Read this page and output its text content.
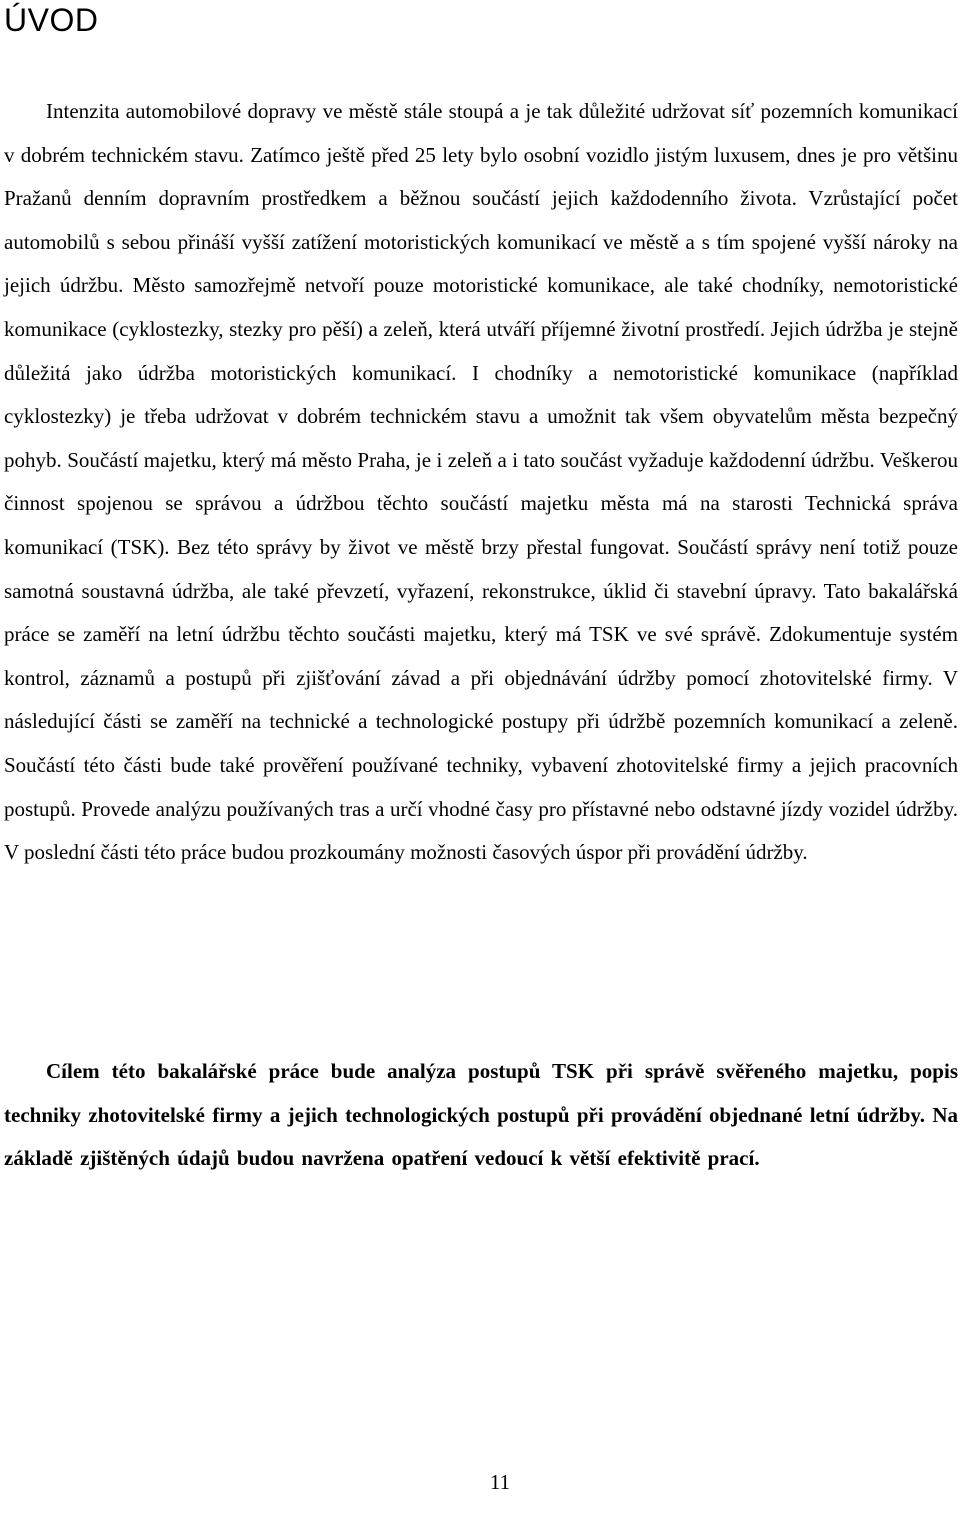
ÚVOD

Intenzita automobilové dopravy ve městě stále stoupá a je tak důležité udržovat síť pozemních komunikací v dobrém technickém stavu. Zatímco ještě před 25 lety bylo osobní vozidlo jistým luxusem, dnes je pro většinu Pražanů denním dopravním prostředkem a běžnou součástí jejich každodenního života. Vzrůstající počet automobilů s sebou přináší vyšší zatížení motoristických komunikací ve městě a s tím spojené vyšší nároky na jejich údržbu. Město samozřejmě netvoří pouze motoristické komunikace, ale také chodníky, nemotoristické komunikace (cyklostezky, stezky pro pěší) a zeleň, která utváří příjemné životní prostředí. Jejich údržba je stejně důležitá jako údržba motoristických komunikací. I chodníky a nemotoristické komunikace (například cyklostezky) je třeba udržovat v dobrém technickém stavu a umožnit tak všem obyvatelům města bezpečný pohyb. Součástí majetku, který má město Praha, je i zeleň a i tato součást vyžaduje každodenní údržbu. Veškerou činnost spojenou se správou a údržbou těchto součástí majetku města má na starosti Technická správa komunikací (TSK). Bez této správy by život ve městě brzy přestal fungovat. Součástí správy není totiž pouze samotná soustavná údržba, ale také převzetí, vyřazení, rekonstrukce, úklid či stavební úpravy. Tato bakalářská práce se zaměří na letní údržbu těchto součásti majetku, který má TSK ve své správě. Zdokumentuje systém kontrol, záznamů a postupů při zjišťování závad a při objednávání údržby pomocí zhotovitelské firmy. V následující části se zaměří na technické a technologické postupy při údržbě pozemních komunikací a zeleně. Součástí této části bude také prověření používané techniky, vybavení zhotovitelské firmy a jejich pracovních postupů. Provede analýzu používaných tras a určí vhodné časy pro přístavné nebo odstavné jízdy vozidel údržby. V poslední části této práce budou prozkoumány možnosti časových úspor při provádění údržby.

Cílem této bakalářské práce bude analýza postupů TSK při správě svěřeného majetku, popis techniky zhotovitelské firmy a jejich technologických postupů při provádění objednané letní údržby. Na základě zjištěných údajů budou navržena opatření vedoucí k větší efektivitě prací.

11
